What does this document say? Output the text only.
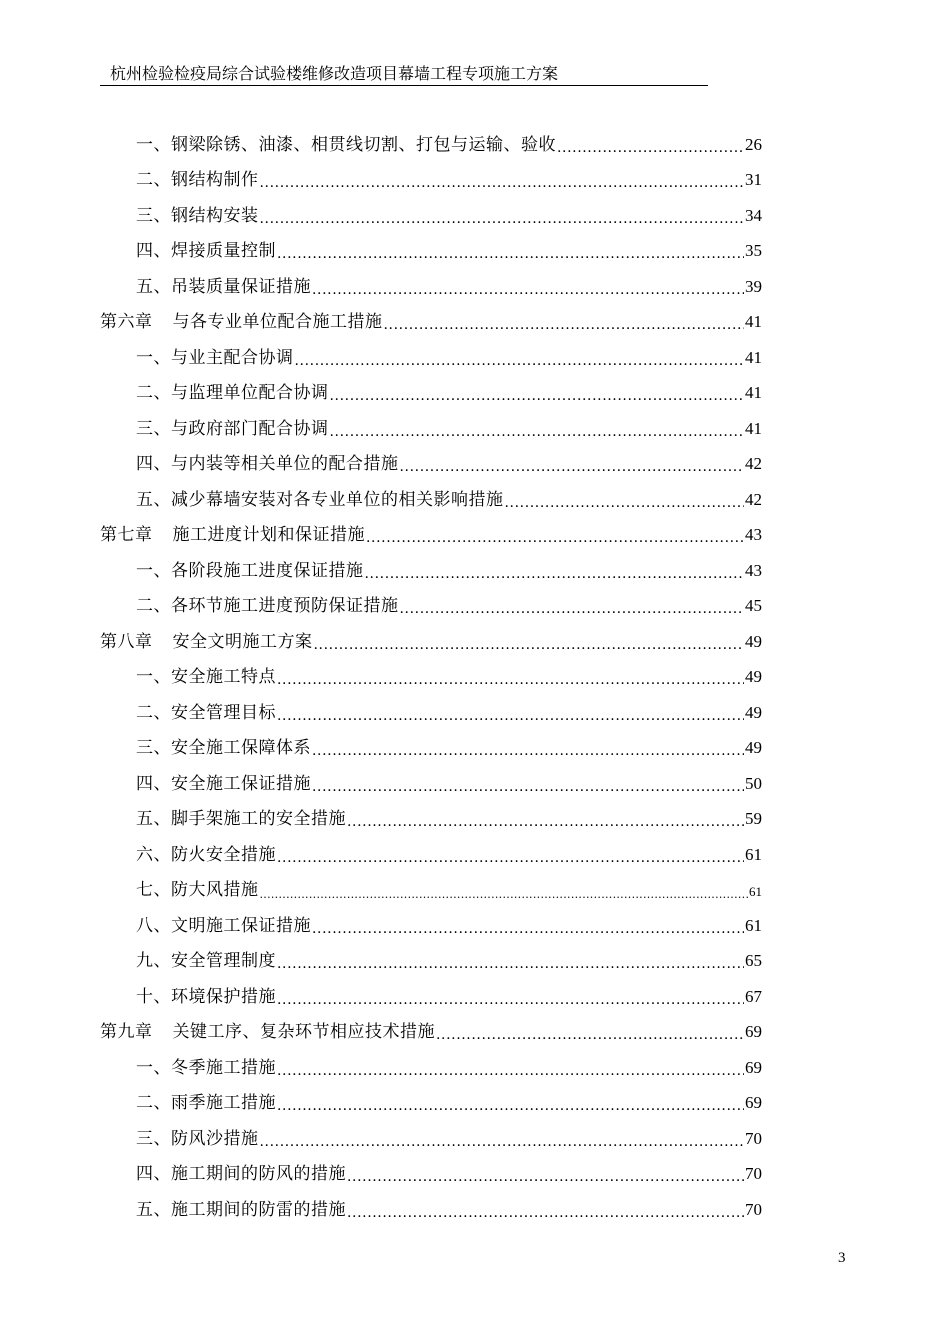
杭州检验检疫局综合试验楼维修改造项目幕墙工程专项施工方案
一、钢梁除锈、油漆、相贯线切割、打包与运输、验收 .....	26
二、钢结构制作 .....	31
三、钢结构安装 .....	34
四、焊接质量控制 .....	35
五、吊装质量保证措施 .....	39
第六章 与各专业单位配合施工措施 .....	41
一、与业主配合协调 .....	41
二、与监理单位配合协调 .....	41
三、与政府部门配合协调 .....	41
四、与内装等相关单位的配合措施 .....	42
五、减少幕墙安装对各专业单位的相关影响措施 .....	42
第七章 施工进度计划和保证措施 .....	43
一、各阶段施工进度保证措施 .....	43
二、各环节施工进度预防保证措施 .....	45
第八章 安全文明施工方案 .....	49
一、安全施工特点 .....	49
二、安全管理目标 .....	49
三、安全施工保障体系 .....	49
四、安全施工保证措施 .....	50
五、脚手架施工的安全措施 .....	59
六、防火安全措施 .....	61
七、防大风措施 .....	61
八、文明施工保证措施 .....	61
九、安全管理制度 .....	65
十、环境保护措施 .....	67
第九章 关键工序、复杂环节相应技术措施 .....	69
一、冬季施工措施 .....	69
二、雨季施工措施 .....	69
三、防风沙措施 .....	70
四、施工期间的防风的措施 .....	70
五、施工期间的防雷的措施 .....	70
3
